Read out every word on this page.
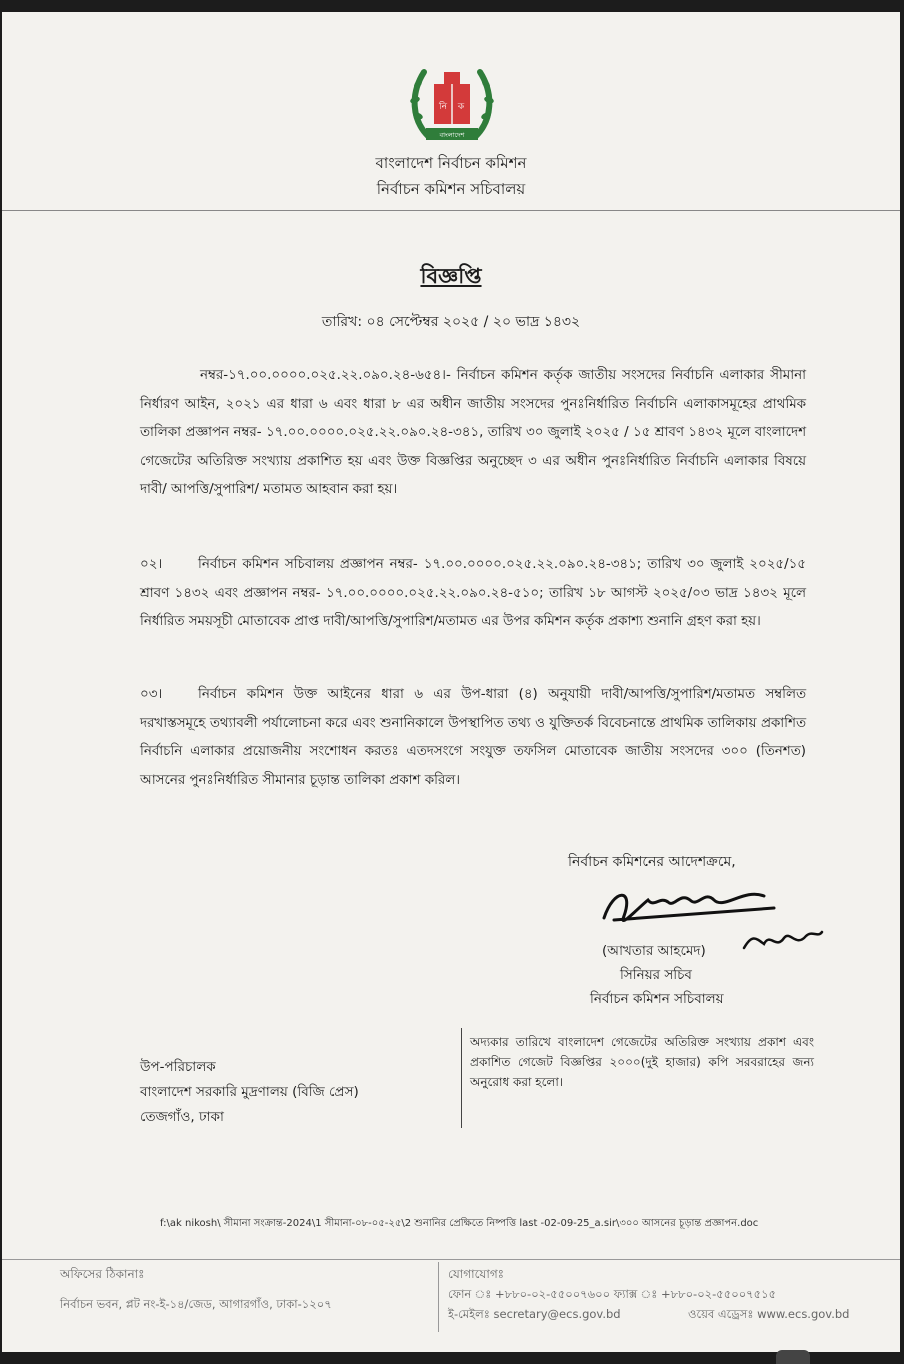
নি ক
বাংলাদেশ
বাংলাদেশ নির্বাচন কমিশন
নির্বাচন কমিশন সচিবালয়
বিজ্ঞপ্তি
তারিখ: ০৪ সেপ্টেম্বর ২০২৫ / ২০ ভাদ্র ১৪৩২
নম্বর-১৭.০০.০০০০.০২৫.২২.০৯০.২৪-৬৫৪।- নির্বাচন কমিশন কর্তৃক জাতীয় সংসদের নির্বাচনি এলাকার সীমানা নির্ধারণ আইন, ২০২১ এর ধারা ৬ এবং ধারা ৮ এর অধীন জাতীয় সংসদের পুনঃনির্ধারিত নির্বাচনি এলাকাসমূহের প্রাথমিক তালিকা প্রজ্ঞাপন নম্বর- ১৭.০০.০০০০.০২৫.২২.০৯০.২৪-৩৪১, তারিখ ৩০ জুলাই ২০২৫ / ১৫ শ্রাবণ ১৪৩২ মূলে বাংলাদেশ গেজেটের অতিরিক্ত সংখ্যায় প্রকাশিত হয় এবং উক্ত বিজ্ঞপ্তির অনুচ্ছেদ ৩ এর অধীন পুনঃনির্ধারিত নির্বাচনি এলাকার বিষয়ে দাবী/ আপত্তি/সুপারিশ/ মতামত আহবান করা হয়।
০২।	নির্বাচন কমিশন সচিবালয় প্রজ্ঞাপন নম্বর- ১৭.০০.০০০০.০২৫.২২.০৯০.২৪-৩৪১; তারিখ ৩০ জুলাই ২০২৫/১৫ শ্রাবণ ১৪৩২ এবং প্রজ্ঞাপন নম্বর- ১৭.০০.০০০০.০২৫.২২.০৯০.২৪-৫১০; তারিখ ১৮ আগস্ট ২০২৫/০৩ ভাদ্র ১৪৩২ মূলে নির্ধারিত সময়সূচী মোতাবেক প্রাপ্ত দাবী/আপত্তি/সুপারিশ/মতামত এর উপর কমিশন কর্তৃক প্রকাশ্য শুনানি গ্রহণ করা হয়।
০৩।	নির্বাচন কমিশন উক্ত আইনের ধারা ৬ এর উপ-ধারা (৪) অনুযায়ী দাবী/আপত্তি/সুপারিশ/মতামত সম্বলিত দরখাস্তসমূহে তথ্যাবলী পর্যালোচনা করে এবং শুনানিকালে উপস্থাপিত তথ্য ও যুক্তিতর্ক বিবেচনান্তে প্রাথমিক তালিকায় প্রকাশিত নির্বাচনি এলাকার প্রয়োজনীয় সংশোধন করতঃ এতদসংগে সংযুক্ত তফসিল মোতাবেক জাতীয় সংসদের ৩০০ (তিনশত) আসনের পুনঃনির্ধারিত সীমানার চূড়ান্ত তালিকা প্রকাশ করিল।
নির্বাচন কমিশনের আদেশক্রমে,
(আখতার আহমেদ)
সিনিয়র সচিব
নির্বাচন কমিশন সচিবালয়
উপ-পরিচালক
বাংলাদেশ সরকারি মুদ্রণালয় (বিজি প্রেস)
তেজগাঁও, ঢাকা
অদ্যকার তারিখে বাংলাদেশ গেজেটের অতিরিক্ত সংখ্যায় প্রকাশ এবং প্রকাশিত গেজেট বিজ্ঞপ্তির ২০০০(দুই হাজার) কপি সরবরাহের জন্য অনুরোধ করা হলো।
f:\ak nikosh\ সীমানা সংক্রান্ত-2024\1 সীমানা-০৮-০৫-২৫\2 শুনানির প্রেক্ষিতে নিষ্পত্তি last -02-09-25_a.sir\৩০০ আসনের চূড়ান্ত প্রজ্ঞাপন.doc
অফিসের ঠিকানাঃ
নির্বাচন ভবন, প্লট নং-ই-১৪/জেড, আগারগাঁও, ঢাকা-১২০৭
যোগাযোগঃ
ফোন ঃ +৮৮০-০২-৫৫০০৭৬০০ ফ্যাক্স ঃ +৮৮০-০২-৫৫০০৭৫১৫
ই-মেইলঃ secretary@ecs.gov.bd	ওয়েব এড্রেসঃ www.ecs.gov.bd
